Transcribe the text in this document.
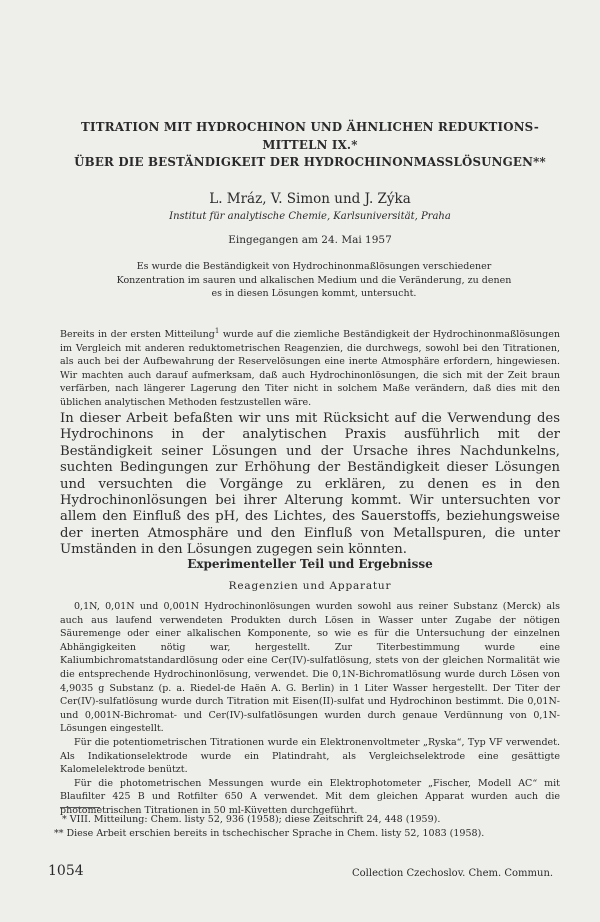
TITRATION MIT HYDROCHINON UND ÄHNLICHEN REDUKTIONS-
MITTELN IX.*
ÜBER DIE BESTÄNDIGKEIT DER HYDROCHINONMASSLÖSUNGEN**
L. Mráz, V. Simon und J. Zýka
Institut für analytische Chemie, Karlsuniversität, Praha
Eingegangen am 24. Mai 1957
Es wurde die Beständigkeit von Hydrochinonmaßlösungen verschiedener Konzentration im sauren und alkalischen Medium und die Veränderung, zu denen es in diesen Lösungen kommt, untersucht.
Bereits in der ersten Mitteilung$^1$ wurde auf die ziemliche Beständigkeit der Hydrochinonmaßlösungen im Vergleich mit anderen reduktometrischen Reagenzien, die durchwegs, sowohl bei den Titrationen, als auch bei der Aufbewahrung der Reservelösungen eine inerte Atmosphäre erfordern, hingewiesen. Wir machten auch darauf aufmerksam, daß auch Hydrochinonlösungen, die sich mit der Zeit braun verfärben, nach längerer Lagerung den Titer nicht in solchem Maße verändern, daß dies mit den üblichen analytischen Methoden festzustellen wäre.
In dieser Arbeit befaßten wir uns mit Rücksicht auf die Verwendung des Hydrochinons in der analytischen Praxis ausführlich mit der Beständigkeit seiner Lösungen und der Ursache ihres Nachdunkelns, suchten Bedingungen zur Erhöhung der Beständigkeit dieser Lösungen und versuchten die Vorgänge zu erklären, zu denen es in den Hydrochinonlösungen bei ihrer Alterung kommt. Wir untersuchten vor allem den Einfluß des pH, des Lichtes, des Sauerstoffs, beziehungsweise der inerten Atmosphäre und den Einfluß von Metallspuren, die unter Umständen in den Lösungen zugegen sein könnten.
Experimenteller Teil und Ergebnisse
Reagenzien und Apparatur

0,1N, 0,01N und 0,001N Hydrochinonlösungen wurden sowohl aus reiner Substanz (Merck) als auch aus laufend verwendeten Produkten durch Lösen in Wasser unter Zugabe der nötigen Säuremenge oder einer alkalischen Komponente, so wie es für die Untersuchung der einzelnen Abhängigkeiten nötig war, hergestellt. Zur Titerbestimmung wurde eine Kaliumbichromatstandardlösung oder eine Cer(IV)-sulfatlösung, stets von der gleichen Normalität wie die entsprechende Hydrochinonlösung, verwendet. Die 0,1N-Bichromatlösung wurde durch Lösen von 4,9035 g Substanz (p. a. Riedel-de Haën A. G. Berlin) in 1 Liter Wasser hergestellt. Der Titer der Cer(IV)-sulfatlösung wurde durch Titration mit Eisen(II)-sulfat und Hydrochinon bestimmt. Die 0,01N- und 0,001N-Bichromat- und Cer(IV)-sulfatlösungen wurden durch genaue Verdünnung von 0,1N-Lösungen eingestellt.

Für die potentiometrischen Titrationen wurde ein Elektronenvoltmeter „Ryska“, Typ VF verwendet. Als Indikationselektrode wurde ein Platindraht, als Vergleichselektrode eine gesättigte Kalomelelektrode benützt.

Für die photometrischen Messungen wurde ein Elektrophotometer „Fischer, Modell AC“ mit Blaufilter 425 B und Rotfilter 650 A verwendet. Mit dem gleichen Apparat wurden auch die photometrischen Titrationen in 50 ml-Küvetten durchgeführt.

* VIII. Mitteilung: Chem. listy 52, 936 (1958); diese Zeitschrift 24, 448 (1959).
** Diese Arbeit erschien bereits in tschechischer Sprache in Chem. listy 52, 1083 (1958).
1054	Collection Czechoslov. Chem. Commun.
